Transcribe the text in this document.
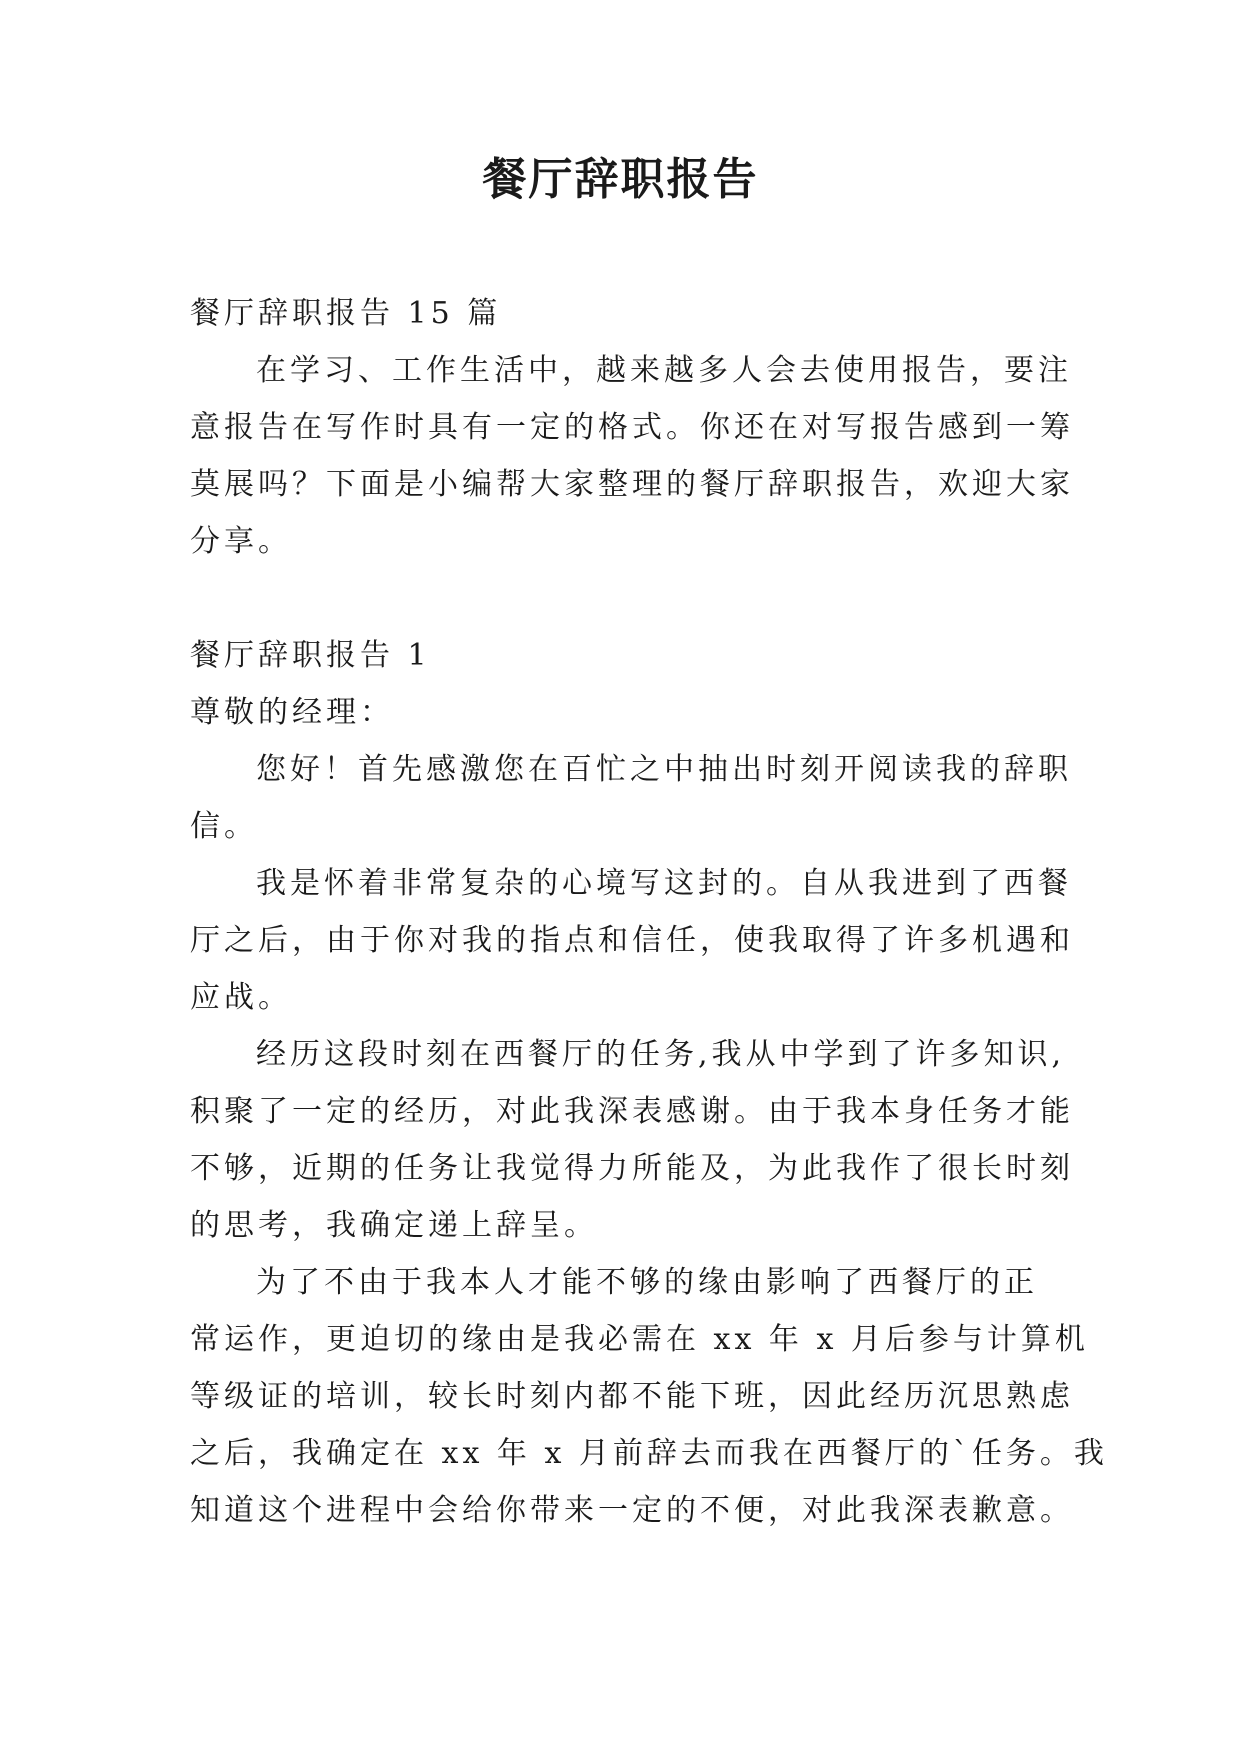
餐厅辞职报告
餐厅辞职报告 15 篇
在学习、工作生活中，越来越多人会去使用报告，要注
意报告在写作时具有一定的格式。你还在对写报告感到一筹
莫展吗？下面是小编帮大家整理的餐厅辞职报告，欢迎大家
分享。
餐厅辞职报告 1
尊敬的经理：
您好！首先感激您在百忙之中抽出时刻开阅读我的辞职
信。
我是怀着非常复杂的心境写这封的。自从我进到了西餐
厅之后，由于你对我的指点和信任，使我取得了许多机遇和
应战。
经历这段时刻在西餐厅的任务,我从中学到了许多知识,
积聚了一定的经历，对此我深表感谢。由于我本身任务才能
不够，近期的任务让我觉得力所能及，为此我作了很长时刻
的思考，我确定递上辞呈。
为了不由于我本人才能不够的缘由影响了西餐厅的正
常运作，更迫切的缘由是我必需在 xx 年 x 月后参与计算机
等级证的培训，较长时刻内都不能下班，因此经历沉思熟虑
之后，我确定在 xx 年 x 月前辞去而我在西餐厅的`任务。我
知道这个进程中会给你带来一定的不便，对此我深表歉意。
